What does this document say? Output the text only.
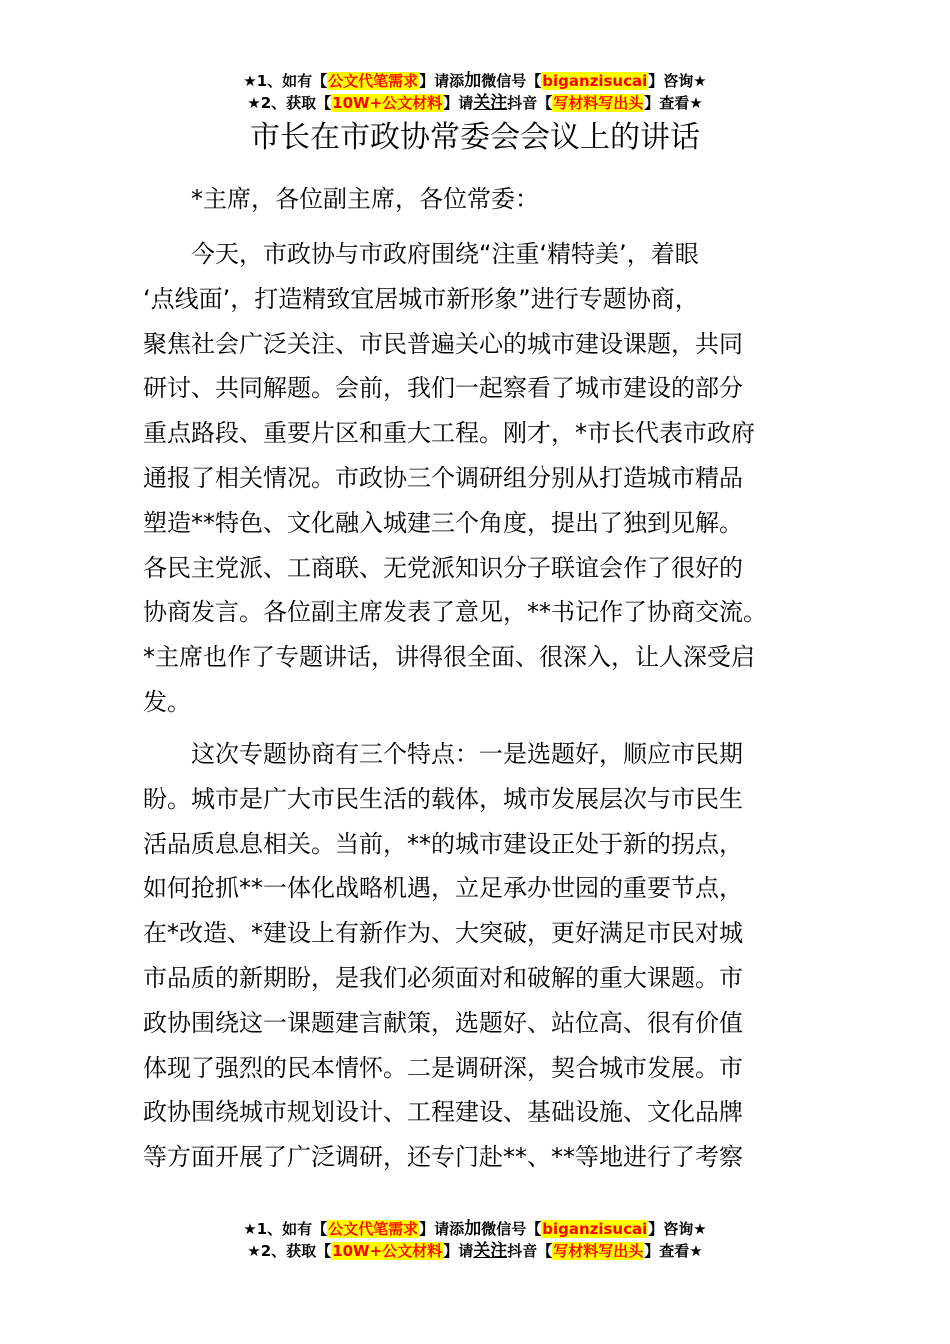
★1、如有【公文代笔需求】请添加微信号【biganzisucai】咨询★
★2、获取【10W+公文材料】请关注抖音【写材料写出头】查看★
市长在市政协常委会会议上的讲话
*主席，各位副主席，各位常委：
今天，市政协与市政府围绕“注重‘精特美’，着眼
‘点线面’，打造精致宜居城市新形象”进行专题协商，
聚焦社会广泛关注、市民普遍关心的城市建设课题，共同
研讨、共同解题。会前，我们一起察看了城市建设的部分
重点路段、重要片区和重大工程。刚才，*市长代表市政府
通报了相关情况。市政协三个调研组分别从打造城市精品
塑造**特色、文化融入城建三个角度，提出了独到见解。
各民主党派、工商联、无党派知识分子联谊会作了很好的
协商发言。各位副主席发表了意见，**书记作了协商交流。
*主席也作了专题讲话，讲得很全面、很深入，让人深受启
发。
这次专题协商有三个特点：一是选题好，顺应市民期
盼。城市是广大市民生活的载体，城市发展层次与市民生
活品质息息相关。当前，**的城市建设正处于新的拐点，
如何抢抓**一体化战略机遇，立足承办世园的重要节点，
在*改造、*建设上有新作为、大突破，更好满足市民对城
市品质的新期盼，是我们必须面对和破解的重大课题。市
政协围绕这一课题建言献策，选题好、站位高、很有价值
体现了强烈的民本情怀。二是调研深，契合城市发展。市
政协围绕城市规划设计、工程建设、基础设施、文化品牌
等方面开展了广泛调研，还专门赴**、**等地进行了考察
★1、如有【公文代笔需求】请添加微信号【biganzisucai】咨询★
★2、获取【10W+公文材料】请关注抖音【写材料写出头】查看★
